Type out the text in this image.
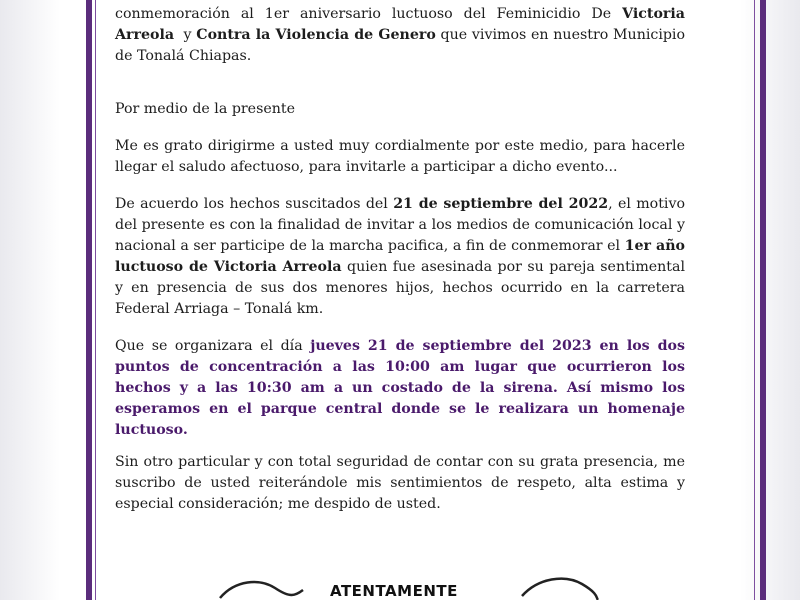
conmemoración al 1er aniversario luctuoso del Feminicidio De Victoria Arreola y Contra la Violencia de Genero que vivimos en nuestro Municipio de Tonalá Chiapas.

Por medio de la presente

Me es grato dirigirme a usted muy cordialmente por este medio, para hacerle llegar el saludo afectuoso, para invitarle a participar a dicho evento...

De acuerdo los hechos suscitados del 21 de septiembre del 2022, el motivo del presente es con la finalidad de invitar a los medios de comunicación local y nacional a ser participe de la marcha pacifica, a fin de conmemorar el 1er año luctuoso de Victoria Arreola quien fue asesinada por su pareja sentimental y en presencia de sus dos menores hijos, hechos ocurrido en la carretera Federal Arriaga – Tonalá km.

Que se organizara el día jueves 21 de septiembre del 2023 en los dos puntos de concentración a las 10:00 am lugar que ocurrieron los hechos y a las 10:30 am a un costado de la sirena. Así mismo los esperamos en el parque central donde se le realizara un homenaje luctuoso.

Sin otro particular y con total seguridad de contar con su grata presencia, me suscribo de usted reiterándole mis sentimientos de respeto, alta estima y especial consideración; me despido de usted.

ATENTAMENTE
